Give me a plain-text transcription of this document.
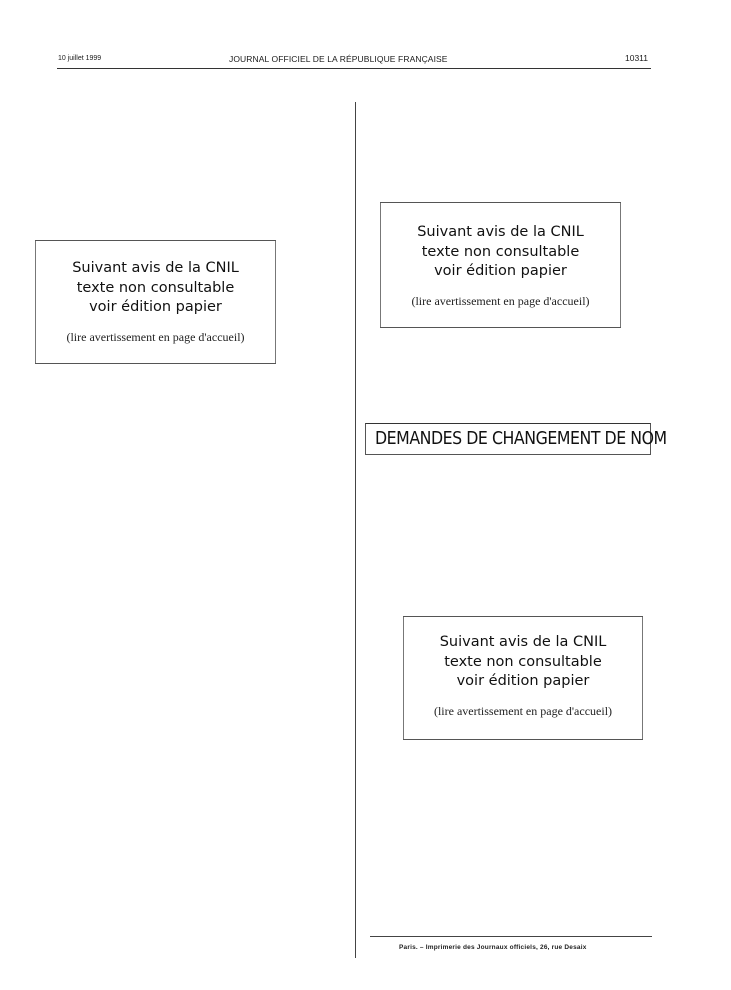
10 juillet 1999	JOURNAL OFFICIEL DE LA RÉPUBLIQUE FRANÇAISE	10311
Suivant avis de la CNIL
texte non consultable
voir édition papier
(lire avertissement en page d'accueil)
Suivant avis de la CNIL
texte non consultable
voir édition papier
(lire avertissement en page d'accueil)
DEMANDES DE CHANGEMENT DE NOM
Suivant avis de la CNIL
texte non consultable
voir édition papier
(lire avertissement en page d'accueil)
Paris. – Imprimerie des Journaux officiels, 26, rue Desaix
